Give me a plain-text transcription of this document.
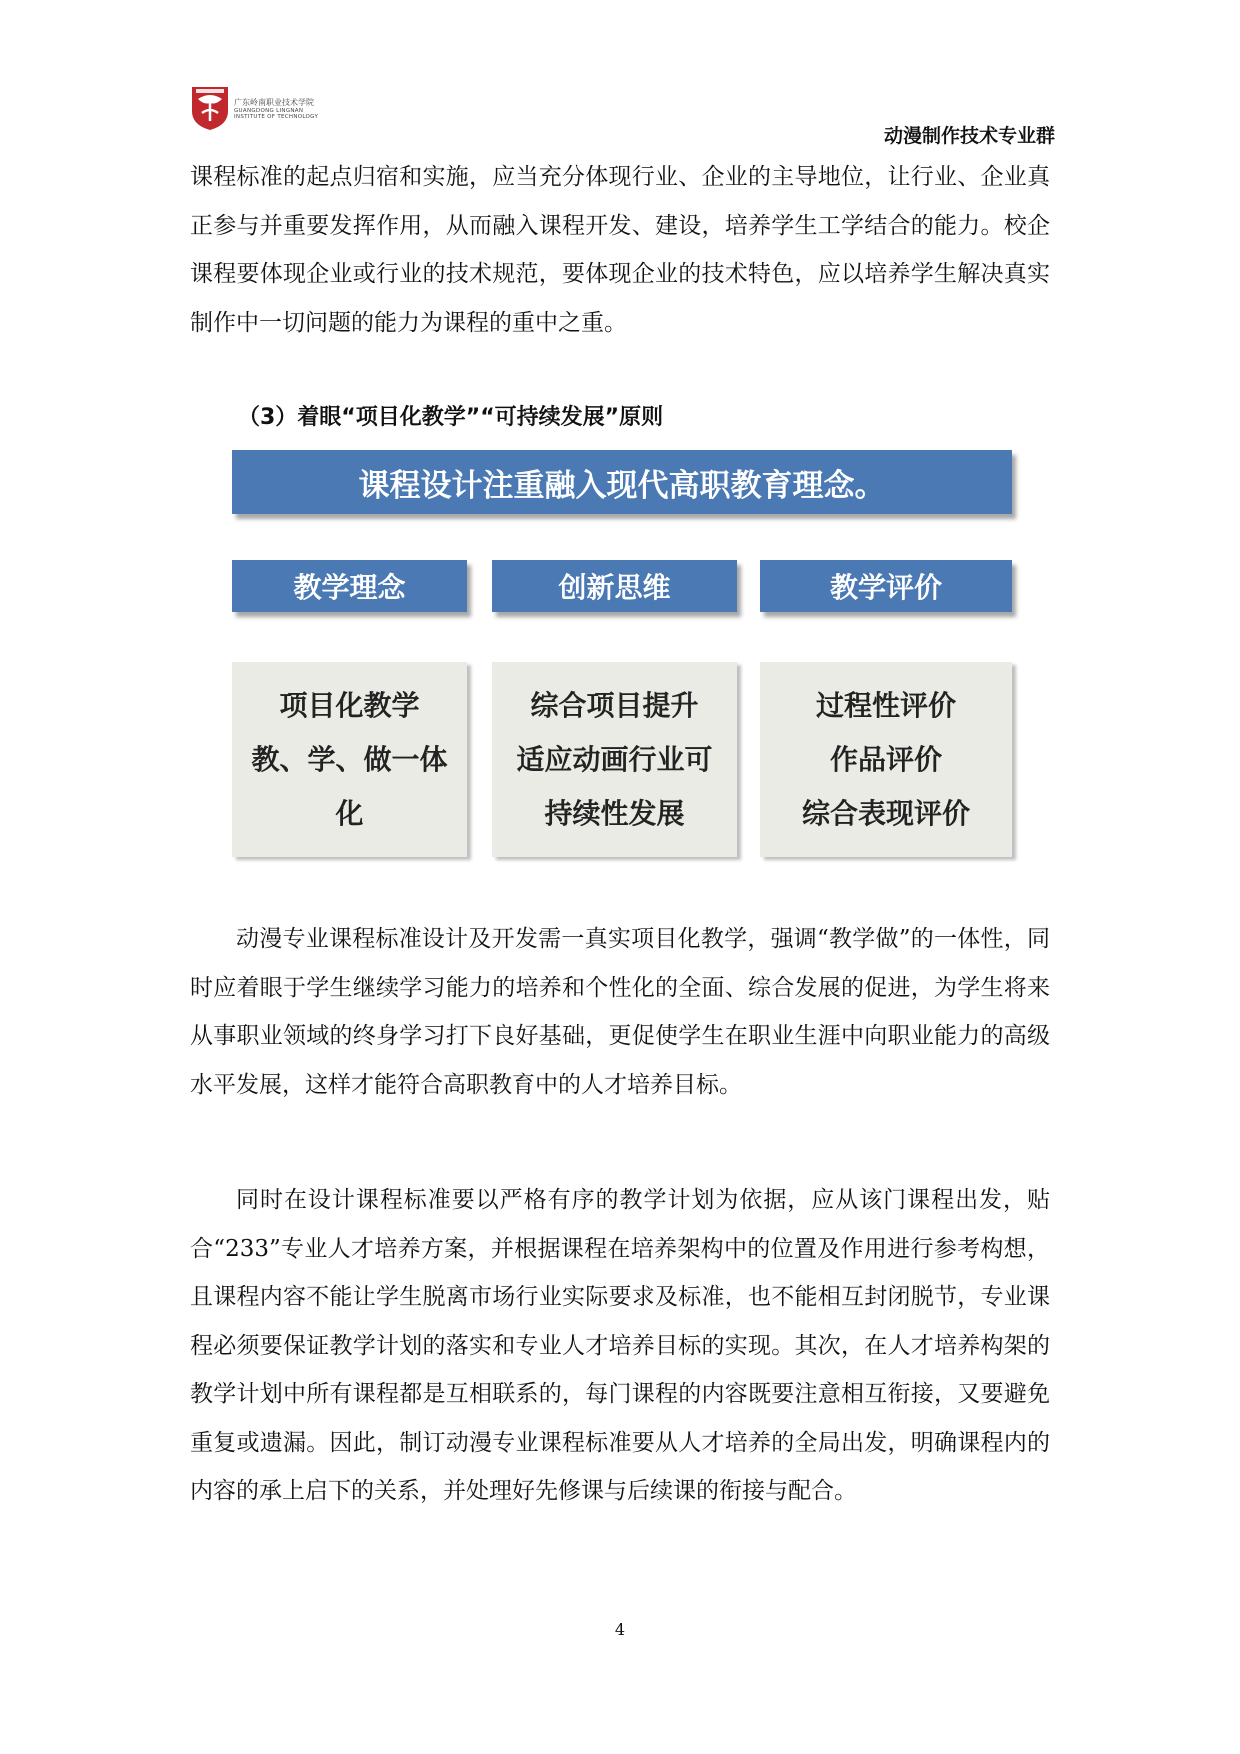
广东岭南职业技术学院
GUANGDONG LINGNAN
INSTITUTE OF TECHNOLOGY
动漫制作技术专业群

课程标准的起点归宿和实施，应当充分体现行业、企业的主导地位，让行业、企业真正参与并重要发挥作用，从而融入课程开发、建设，培养学生工学结合的能力。校企课程要体现企业或行业的技术规范，要体现企业的技术特色，应以培养学生解决真实制作中一切问题的能力为课程的重中之重。

（3）着眼“项目化教学”“可持续发展”原则
课程设计注重融入现代高职教育理念。
教学理念	创新思维	教学评价
项目化教学
教、学、做一体
化
综合项目提升
适应动画行业可
持续性发展
过程性评价
作品评价
综合表现评价

动漫专业课程标准设计及开发需一真实项目化教学，强调“教学做”的一体性，同时应着眼于学生继续学习能力的培养和个性化的全面、综合发展的促进，为学生将来从事职业领域的终身学习打下良好基础，更促使学生在职业生涯中向职业能力的高级水平发展，这样才能符合高职教育中的人才培养目标。

同时在设计课程标准要以严格有序的教学计划为依据，应从该门课程出发，贴合“233”专业人才培养方案，并根据课程在培养架构中的位置及作用进行参考构想，且课程内容不能让学生脱离市场行业实际要求及标准，也不能相互封闭脱节，专业课程必须要保证教学计划的落实和专业人才培养目标的实现。其次，在人才培养构架的教学计划中所有课程都是互相联系的，每门课程的内容既要注意相互衔接，又要避免重复或遗漏。因此，制订动漫专业课程标准要从人才培养的全局出发，明确课程内的内容的承上启下的关系，并处理好先修课与后续课的衔接与配合。

4
